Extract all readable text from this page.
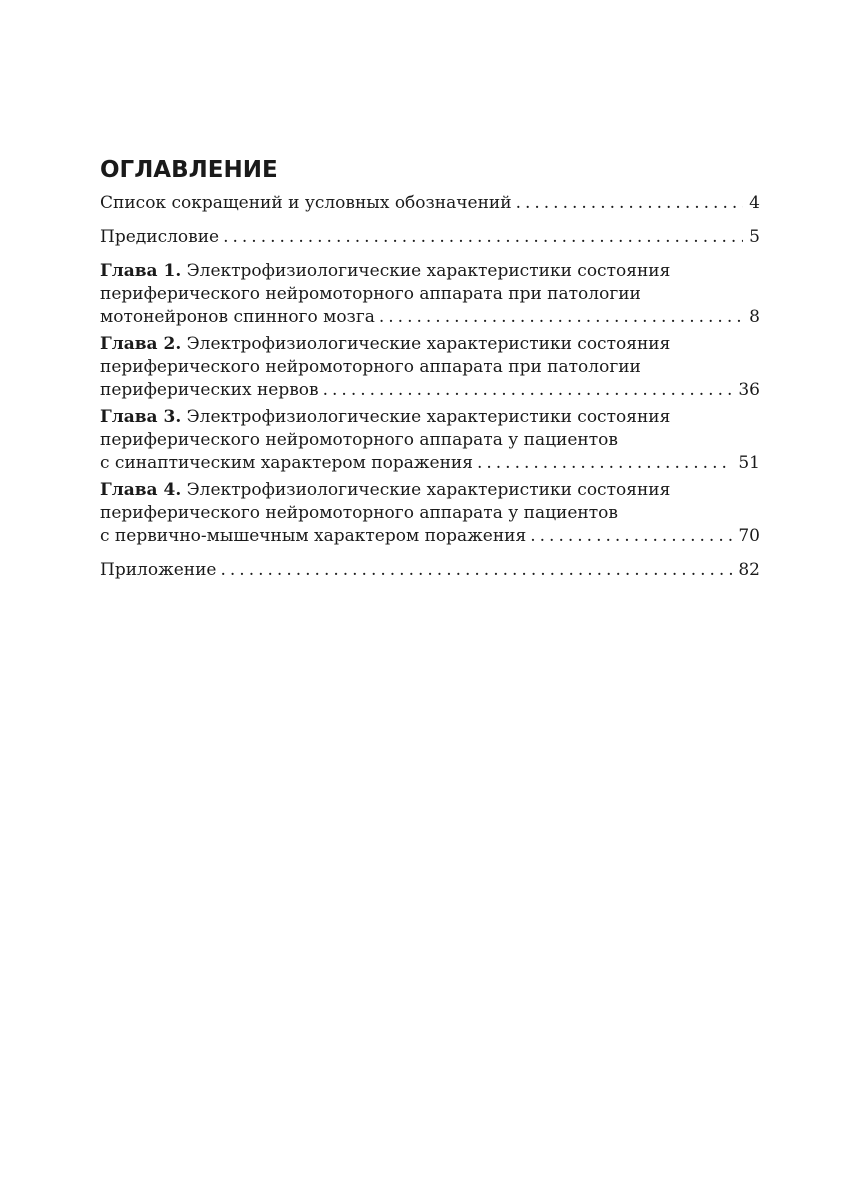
ОГЛАВЛЕНИЕ
Список сокращений и условных обозначений .....	4
Предисловие .....	5
Глава 1. Электрофизиологические характеристики состояния
периферического нейромоторного аппарата при патологии
мотонейронов спинного мозга .....	8
Глава 2. Электрофизиологические характеристики состояния
периферического нейромоторного аппарата при патологии
периферических нервов .....	36
Глава 3. Электрофизиологические характеристики состояния
периферического нейромоторного аппарата у пациентов
с синаптическим характером поражения .....	51
Глава 4. Электрофизиологические характеристики состояния
периферического нейромоторного аппарата у пациентов
с первично-мышечным характером поражения .....	70
Приложение .....	82
